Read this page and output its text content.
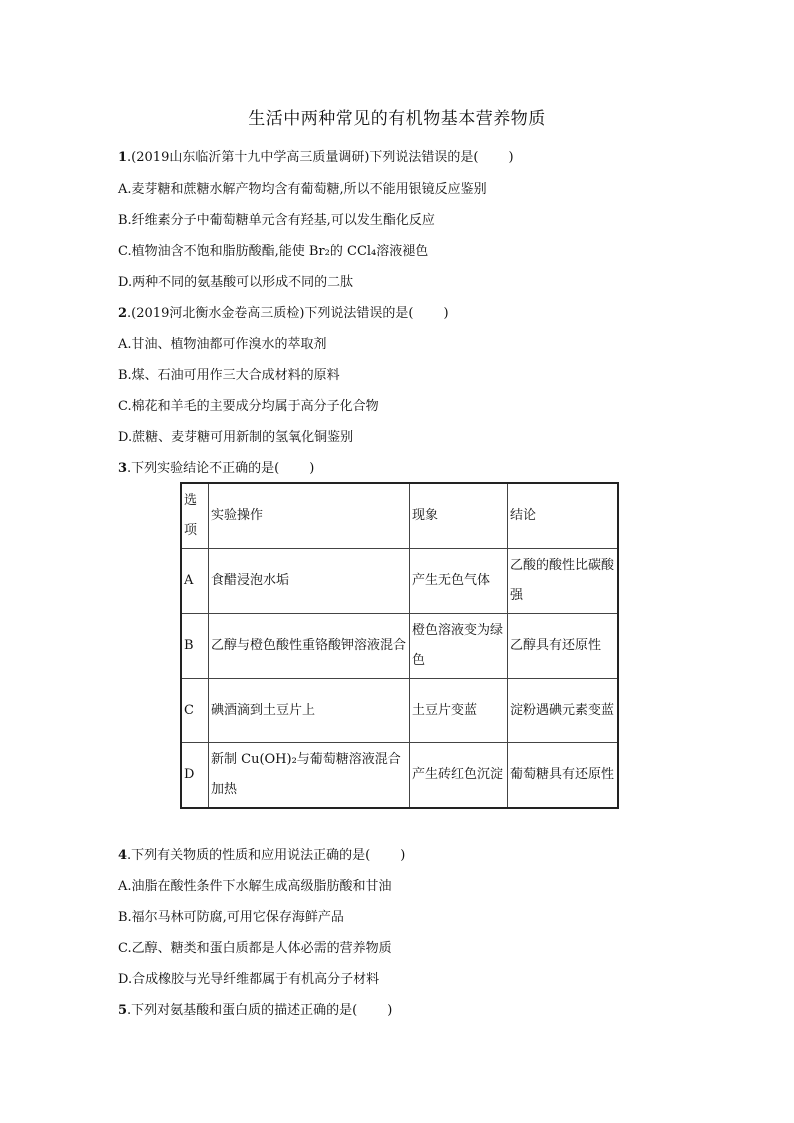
生活中两种常见的有机物基本营养物质
1.(2019山东临沂第十九中学高三质量调研)下列说法错误的是( )
A.麦芽糖和蔗糖水解产物均含有葡萄糖,所以不能用银镜反应鉴别
B.纤维素分子中葡萄糖单元含有羟基,可以发生酯化反应
C.植物油含不饱和脂肪酸酯,能使 Br₂的 CCl₄溶液褪色
D.两种不同的氨基酸可以形成不同的二肽
2.(2019河北衡水金卷高三质检)下列说法错误的是( )
A.甘油、植物油都可作溴水的萃取剂
B.煤、石油可用作三大合成材料的原料
C.棉花和羊毛的主要成分均属于高分子化合物
D.蔗糖、麦芽糖可用新制的氢氧化铜鉴别
3.下列实验结论不正确的是( )
选项	实验操作	现象	结论
A	食醋浸泡水垢	产生无色气体	乙酸的酸性比碳酸强
B	乙醇与橙色酸性重铬酸钾溶液混合	橙色溶液变为绿色	乙醇具有还原性
C	碘酒滴到土豆片上	土豆片变蓝	淀粉遇碘元素变蓝
D	新制 Cu(OH)₂与葡萄糖溶液混合加热	产生砖红色沉淀	葡萄糖具有还原性
4.下列有关物质的性质和应用说法正确的是( )
A.油脂在酸性条件下水解生成高级脂肪酸和甘油
B.福尔马林可防腐,可用它保存海鲜产品
C.乙醇、糖类和蛋白质都是人体必需的营养物质
D.合成橡胶与光导纤维都属于有机高分子材料
5.下列对氨基酸和蛋白质的描述正确的是( )
